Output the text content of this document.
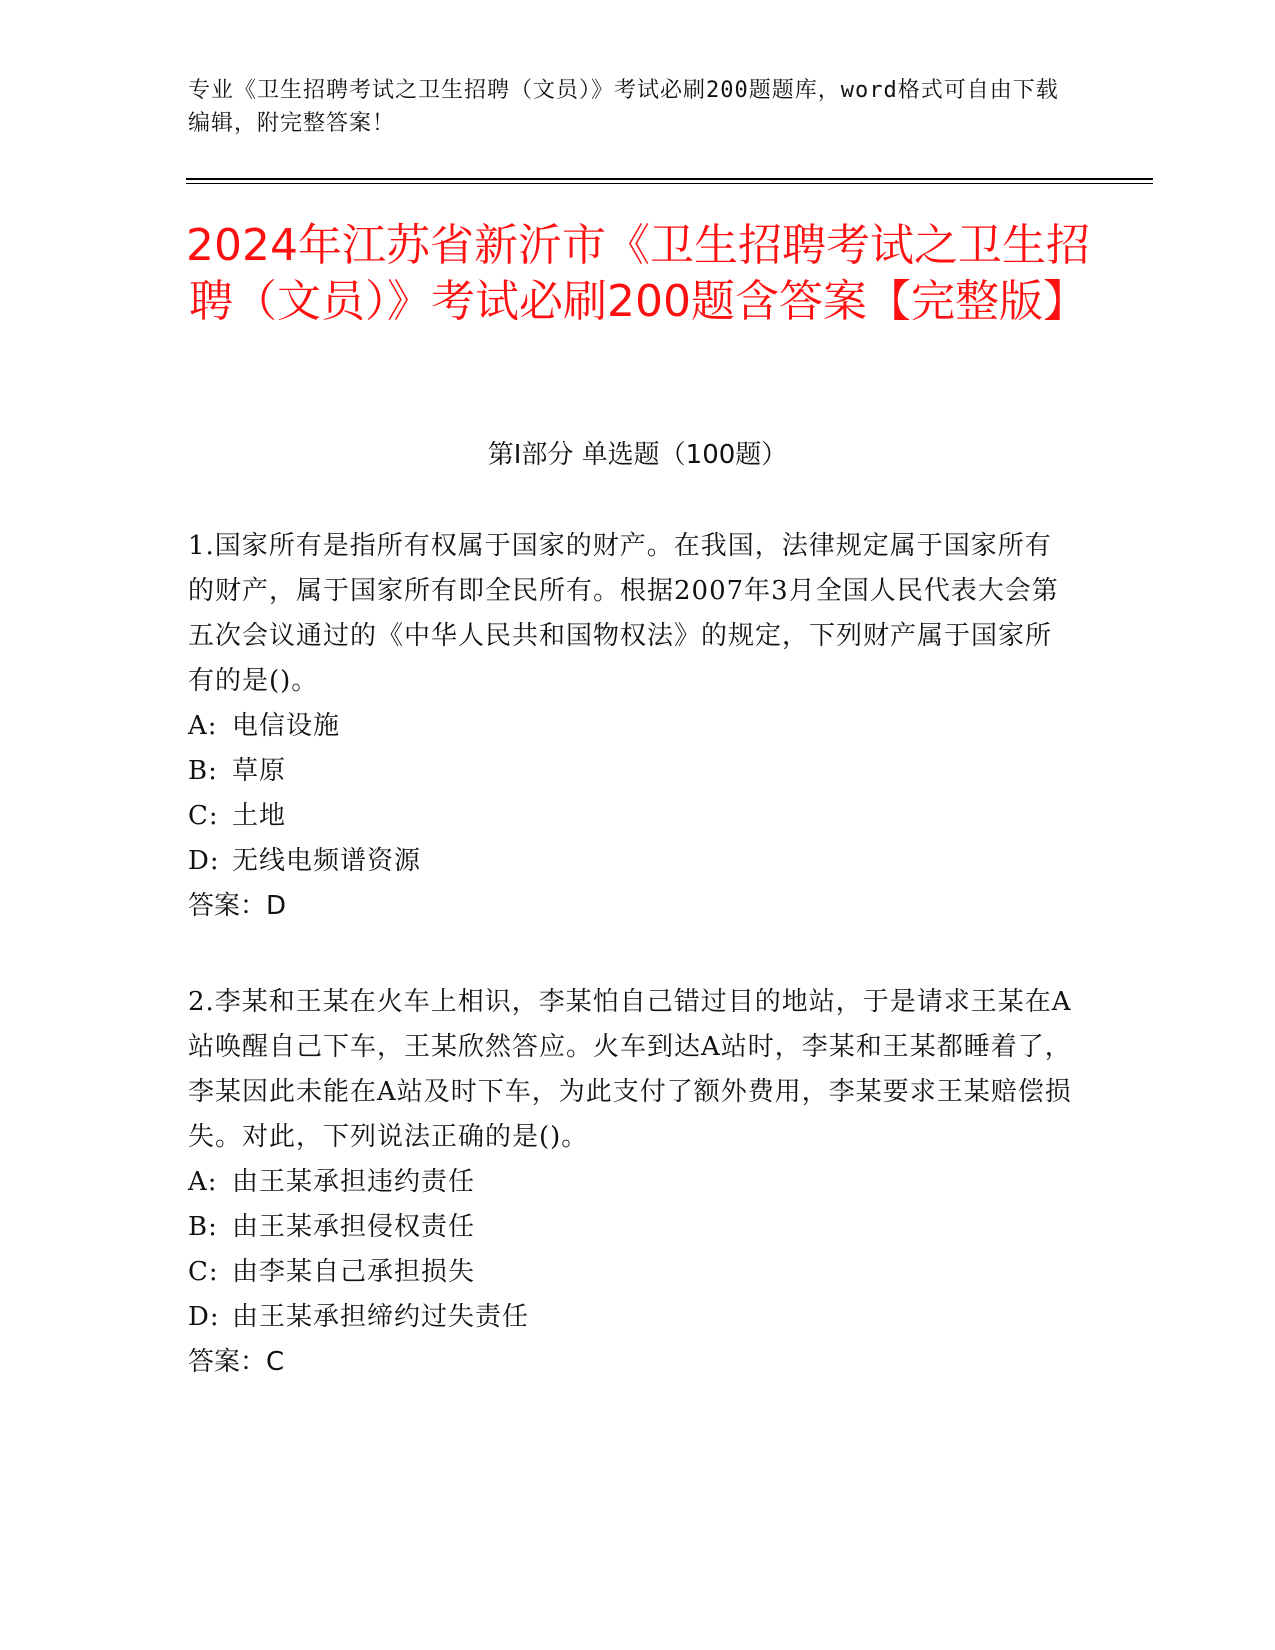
专业《卫生招聘考试之卫生招聘（文员）》考试必刷200题题库，word格式可自由下载编辑，附完整答案！
2024年江苏省新沂市《卫生招聘考试之卫生招聘（文员）》考试必刷200题含答案【完整版】
第I部分 单选题（100题）
1.国家所有是指所有权属于国家的财产。在我国，法律规定属于国家所有的财产，属于国家所有即全民所有。根据2007年3月全国人民代表大会第五次会议通过的《中华人民共和国物权法》的规定，下列财产属于国家所有的是()。
A: 电信设施
B: 草原
C: 土地
D: 无线电频谱资源
答案：D
2.李某和王某在火车上相识，李某怕自己错过目的地站，于是请求王某在A站唤醒自己下车，王某欣然答应。火车到达A站时，李某和王某都睡着了，李某因此未能在A站及时下车，为此支付了额外费用，李某要求王某赔偿损失。对此，下列说法正确的是()。
A: 由王某承担违约责任
B: 由王某承担侵权责任
C: 由李某自己承担损失
D: 由王某承担缔约过失责任
答案：C
